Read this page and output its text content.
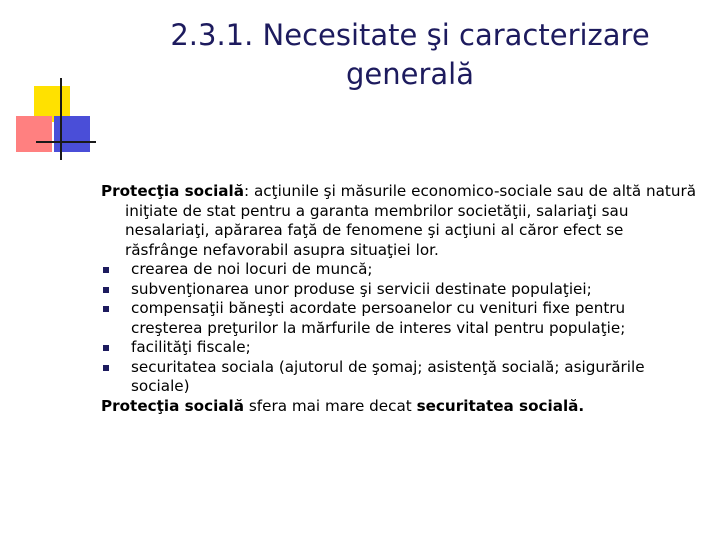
2.3.1. Necesitate şi caracterizare
generală

Protecţia socială: acţiunile şi măsurile economico-sociale sau de altă natură iniţiate de stat pentru a garanta membrilor societăţii, salariaţi sau nesalariaţi, apărarea faţă de fenomene şi acţiuni al căror efect se răsfrânge nefavorabil asupra situaţiei lor.

crearea de noi locuri de muncă;
subvenţionarea unor produse şi servicii destinate populaţiei;
compensaţii băneşti acordate persoanelor cu venituri fixe pentru creşterea preţurilor la mărfurile de interes vital pentru populaţie;
facilităţi fiscale;
securitatea sociala (ajutorul de şomaj; asistenţă socială; asigurările sociale)

Protecţia socială sfera mai mare decat securitatea socială.
